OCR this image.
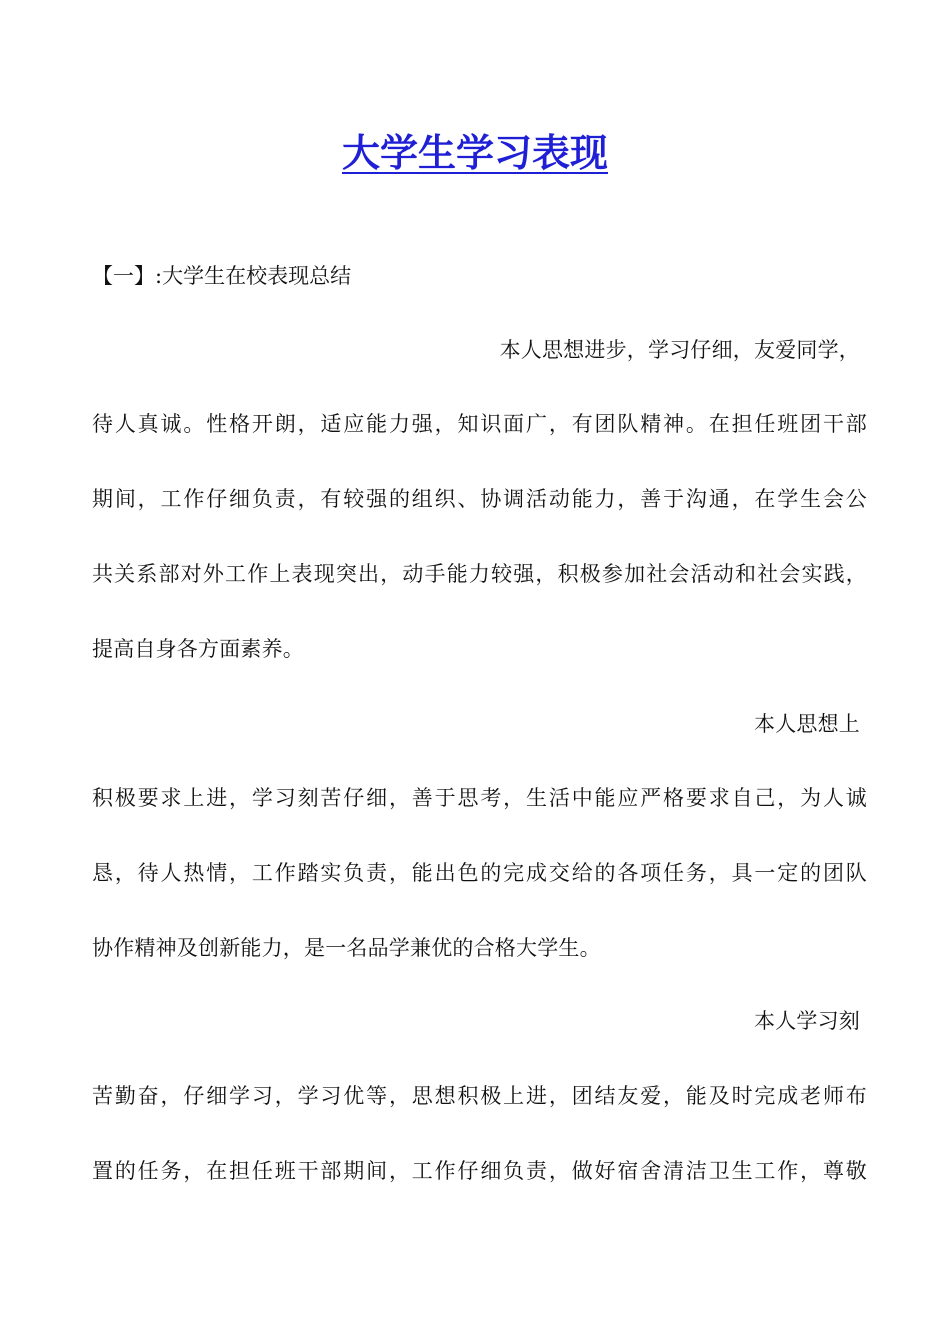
大学生学习表现
【一】:大学生在校表现总结
本人思想进步，学习仔细，友爱同学，
待人真诚。性格开朗，适应能力强，知识面广，有团队精神。在担任班团干部
期间，工作仔细负责，有较强的组织、协调活动能力，善于沟通，在学生会公
共关系部对外工作上表现突出，动手能力较强，积极参加社会活动和社会实践，
提高自身各方面素养。
本人思想上
积极要求上进，学习刻苦仔细，善于思考，生活中能应严格要求自己，为人诚
恳，待人热情，工作踏实负责，能出色的完成交给的各项任务，具一定的团队
协作精神及创新能力，是一名品学兼优的合格大学生。
本人学习刻
苦勤奋，仔细学习，学习优等，思想积极上进，团结友爱，能及时完成老师布
置的任务，在担任班干部期间，工作仔细负责，做好宿舍清洁卫生工作，尊敬
